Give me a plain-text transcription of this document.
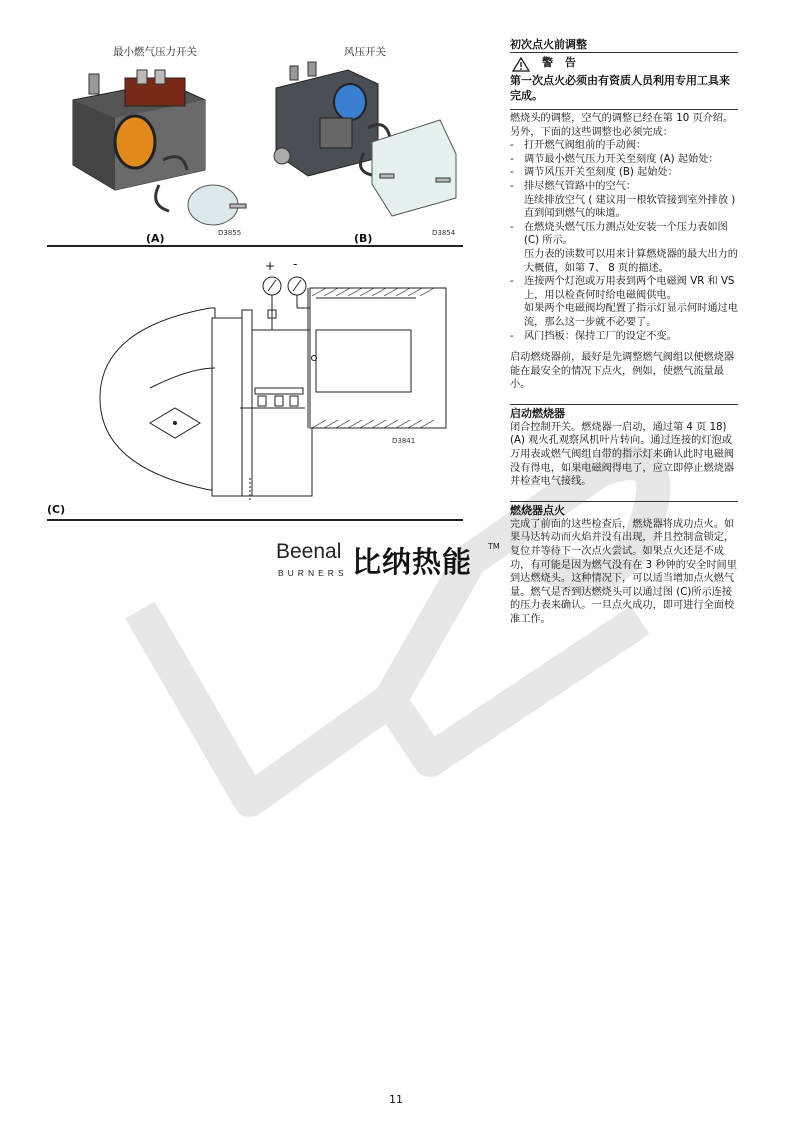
最小燃气压力开关	风压开关
(A)	D3855	(B)	D3854
+ -
D3841
(C)
Beenal
BURNERS 比纳热能 TM
初次点火前调整
警 告

第一次点火必须由有资质人员利用专用工具来完成。

燃烧头的调整，空气的调整已经在第 10 页介绍。

另外，下面的这些调整也必须完成：

- 打开燃气阀组前的手动阀：
- 调节最小燃气压力开关至刻度 (A) 起始处：
- 调节风压开关至刻度 (B) 起始处：
- 排尽燃气管路中的空气：
连续排放空气 ( 建议用一根软管接到室外排放 ) 直到闻到燃气的味道。
- 在燃烧头燃气压力测点处安装一个压力表如图 (C) 所示。
压力表的读数可以用来计算燃烧器的最大出力的大概值，如第 7、 8 页的描述。
- 连接两个灯泡或万用表到两个电磁阀 VR 和 VS 上，用以检查何时给电磁阀供电。
如果两个电磁阀均配置了指示灯显示何时通过电流，那么这一步就不必要了。
- 风门挡板：保持工厂的设定不变。

启动燃烧器前，最好是先调整燃气阀组以便燃烧器能在最安全的情况下点火，例如，使燃气流量最小。

启动燃烧器

闭合控制开关。燃烧器一启动，通过第 4 页 18)(A) 观火孔观察风机叶片转向。通过连接的灯泡或万用表或燃气阀组自带的指示灯来确认此时电磁阀没有得电，如果电磁阀得电了，应立即停止燃烧器并检查电气接线。

燃烧器点火

完成了前面的这些检查后，燃烧器将成功点火。如果马达转动而火焰并没有出现，并且控制盒锁定，复位并等待下一次点火尝试。如果点火还是不成功，有可能是因为燃气没有在 3 秒钟的安全时间里到达燃烧头。这种情况下，可以适当增加点火燃气量。燃气是否到达燃烧头可以通过图 (C)所示连接的压力表来确认。一旦点火成功，即可进行全面校准工作。

11
